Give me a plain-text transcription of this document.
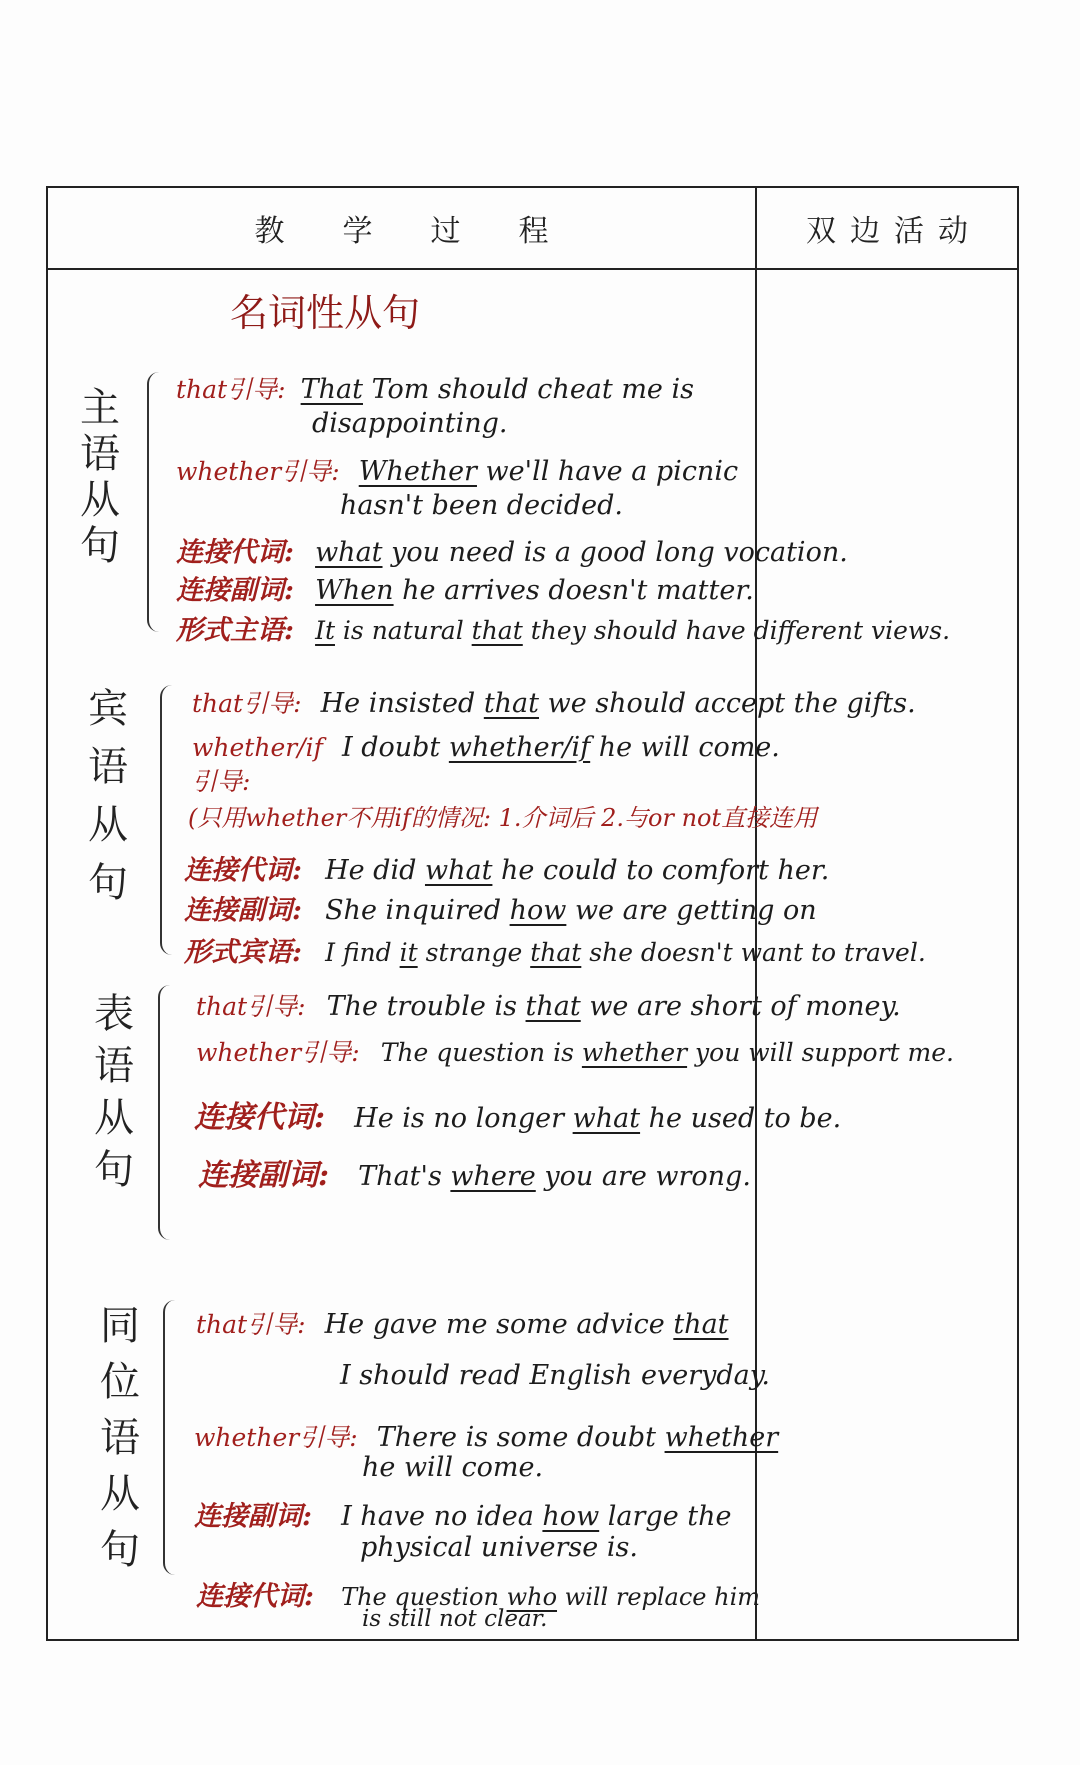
教学过程	双边活动
名词性从句
主
语
从
句
that引导: That Tom should cheat me is
disappointing.
whether引导: Whether we'll have a picnic
hasn't been decided.
连接代词: what you need is a good long vocation.
连接副词: When he arrives doesn't matter.
形式主语: It is natural that they should have different views.
宾
语
从
句
that引导: He insisted that we should accept the gifts.
whether/if I doubt whether/if he will come.
引导:
(只用whether不用if的情况: 1.介词后 2.与or not直接连用
连接代词: He did what he could to comfort her.
连接副词: She inquired how we are getting on
形式宾语: I find it strange that she doesn't want to travel.
表
语
从
句
that引导: The trouble is that we are short of money.
whether引导: The question is whether you will support me.
连接代词: He is no longer what he used to be.
连接副词: That's where you are wrong.
同
位
语
从
句
that引导: He gave me some advice that
I should read English everyday.
whether引导: There is some doubt whether
he will come.
连接副词: I have no idea how large the
physical universe is.
连接代词: The question who will replace him
is still not clear.
